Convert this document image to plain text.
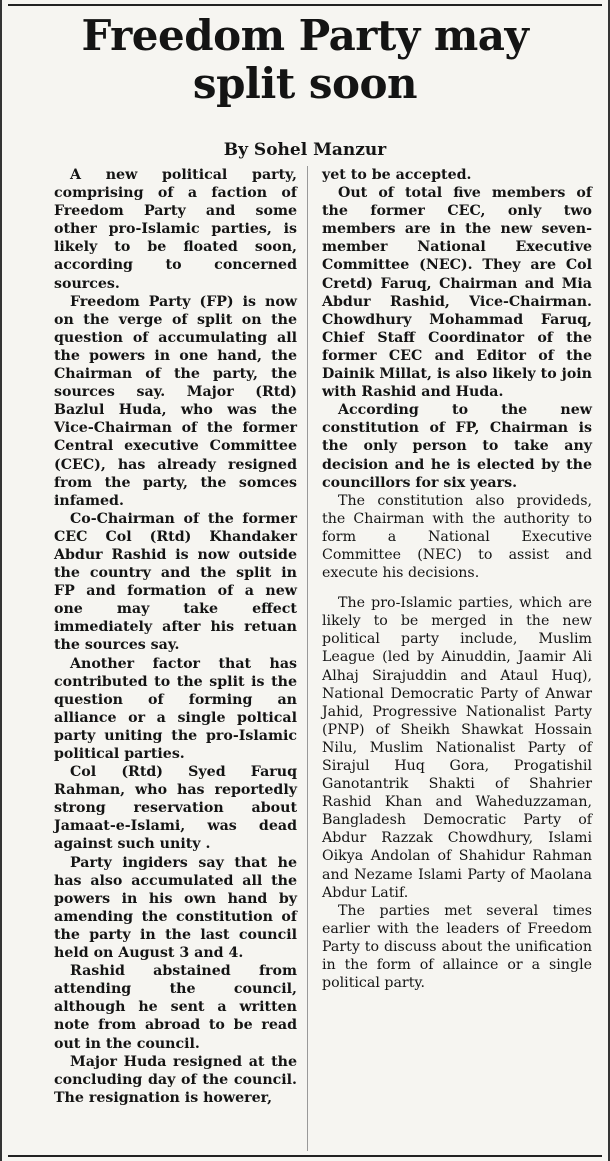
Freedom Party may
split soon
By Sohel Manzur

A new political party, comprising of a faction of Freedom Party and some other pro-Islamic parties, is likely to be floated soon, according to concerned sources.

Freedom Party (FP) is now on the verge of split on the question of accumulating all the powers in one hand, the Chairman of the party, the sources say. Major (Rtd) Bazlul Huda, who was the Vice-Chairman of the former Central executive Committee (CEC), has already resigned from the party, the somces infamed.

Co-Chairman of the former CEC Col (Rtd) Khandaker Abdur Rashid is now outside the country and the split in FP and formation of a new one may take effect immediately after his retuan the sources say.

Another factor that has contributed to the split is the question of forming an alliance or a single poltical party uniting the pro-Islamic political parties.

Col (Rtd) Syed Faruq Rahman, who has reportedly strong reservation about Jamaat-e-Islami, was dead against such unity .

Party ingiders say that he has also accumulated all the powers in his own hand by amending the constitution of the party in the last council held on August 3 and 4.

Rashid abstained from attending the council, although he sent a written note from abroad to be read out in the council.

Major Huda resigned at the concluding day of the council. The resignation is howerer,

yet to be accepted.

Out of total five members of the former CEC, only two members are in the new seven-member National Executive Committee (NEC). They are Col Cretd) Faruq, Chairman and Mia Abdur Rashid, Vice-Chairman. Chowdhury Mohammad Faruq, Chief Staff Coordinator of the former CEC and Editor of the Dainik Millat, is also likely to join with Rashid and Huda.

According to the new constitution of FP, Chairman is the only person to take any decision and he is elected by the councillors for six years.

The constitution also provideds, the Chairman with the authority to form a National Executive Committee (NEC) to assist and execute his decisions.

The pro-Islamic parties, which are likely to be merged in the new political party include, Muslim League (led by Ainuddin, Jaamir Ali Alhaj Sirajuddin and Ataul Huq), National Democratic Party of Anwar Jahid, Progressive Nationalist Party (PNP) of Sheikh Shawkat Hossain Nilu, Muslim Nationalist Party of Sirajul Huq Gora, Progatishil Ganotantrik Shakti of Shahrier Rashid Khan and Waheduzzaman, Bangladesh Democratic Party of Abdur Razzak Chowdhury, Islami Oikya Andolan of Shahidur Rahman and Nezame Islami Party of Maolana Abdur Latif.

The parties met several times earlier with the leaders of Freedom Party to discuss about the unification in the form of allaince or a single political party.
